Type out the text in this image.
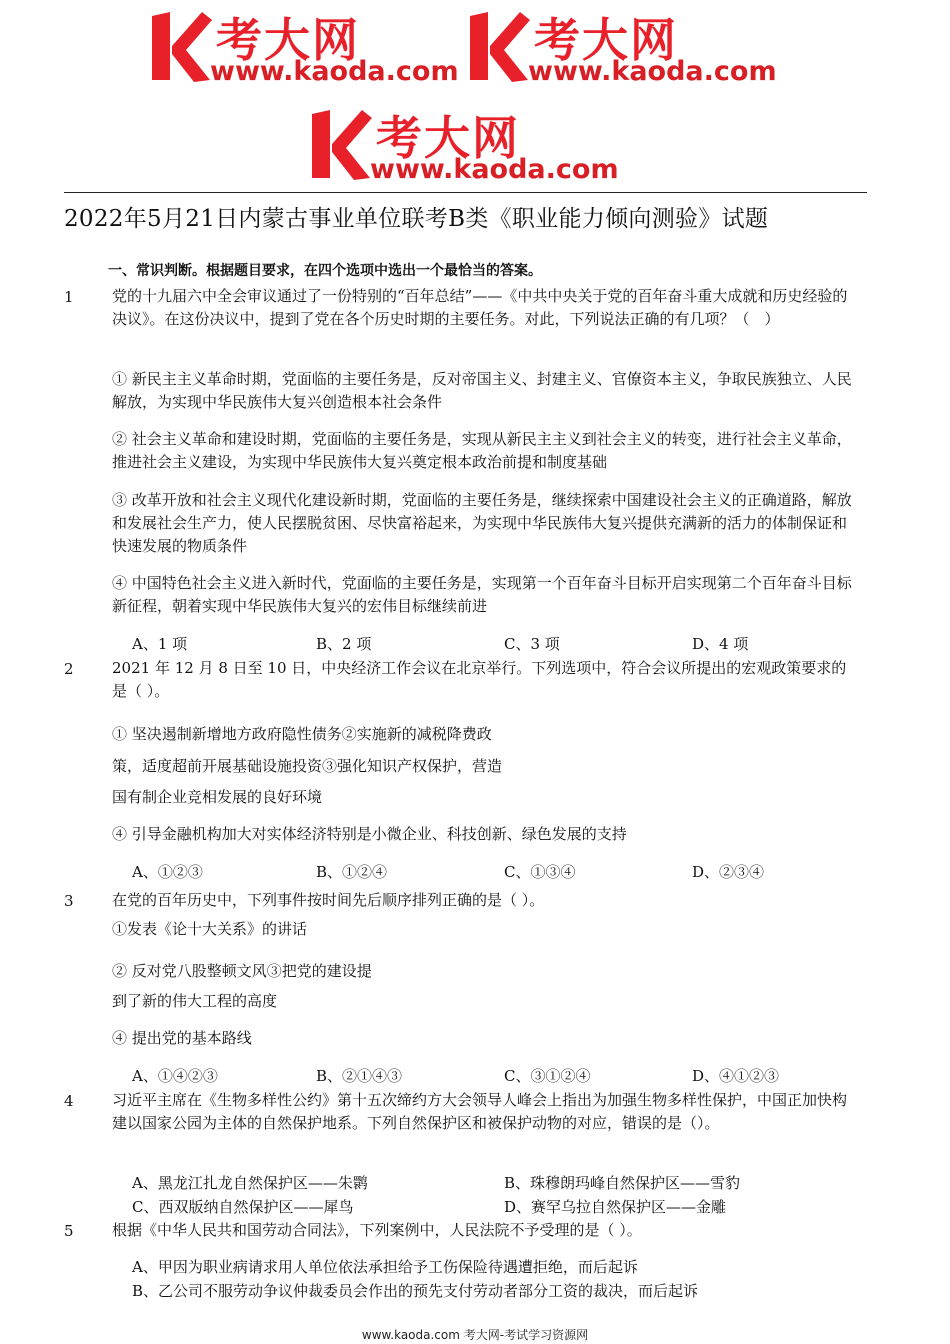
考大网
www.kaoda.com
考大网
www.kaoda.com
考大网
www.kaoda.com
2022年5月21日内蒙古事业单位联考B类《职业能力倾向测验》试题
一、常识判断。根据题目要求，在四个选项中选出一个最恰当的答案。
1	党的十九届六中全会审议通过了一份特别的“百年总结”——《中共中央关于党的百年奋斗重大成就和历史经验的决议》。在这份决议中，提到了党在各个历史时期的主要任务。对此，下列说法正确的有几项？（　）
① 新民主主义革命时期，党面临的主要任务是，反对帝国主义、封建主义、官僚资本主义，争取民族独立、人民解放，为实现中华民族伟大复兴创造根本社会条件
② 社会主义革命和建设时期，党面临的主要任务是，实现从新民主主义到社会主义的转变，进行社会主义革命，推进社会主义建设，为实现中华民族伟大复兴奠定根本政治前提和制度基础
③ 改革开放和社会主义现代化建设新时期，党面临的主要任务是，继续探索中国建设社会主义的正确道路，解放和发展社会生产力，使人民摆脱贫困、尽快富裕起来，为实现中华民族伟大复兴提供充满新的活力的体制保证和快速发展的物质条件
④ 中国特色社会主义进入新时代，党面临的主要任务是，实现第一个百年奋斗目标开启实现第二个百年奋斗目标新征程，朝着实现中华民族伟大复兴的宏伟目标继续前进
A、1 项	B、2 项	C、3 项	D、4 项
2	2021 年 12 月 8 日至 10 日，中央经济工作会议在北京举行。下列选项中，符合会议所提出的宏观政策要求的是（ ）。
① 坚决遏制新增地方政府隐性债务②实施新的减税降费政
策，适度超前开展基础设施投资③强化知识产权保护，营造
国有制企业竞相发展的良好环境
④ 引导金融机构加大对实体经济特别是小微企业、科技创新、绿色发展的支持
A、①②③	B、①②④	C、①③④	D、②③④
3	在党的百年历史中，下列事件按时间先后顺序排列正确的是（ ）。
①发表《论十大关系》的讲话
② 反对党八股整顿文风③把党的建设提
到了新的伟大工程的高度
④ 提出党的基本路线
A、①④②③	B、②①④③	C、③①②④	D、④①②③
4	习近平主席在《生物多样性公约》第十五次缔约方大会领导人峰会上指出为加强生物多样性保护，中国正加快构建以国家公园为主体的自然保护地系。下列自然保护区和被保护动物的对应，错误的是（）。
A、黑龙江扎龙自然保护区——朱鹮	B、珠穆朗玛峰自然保护区——雪豹
C、西双版纳自然保护区——犀鸟	D、赛罕乌拉自然保护区——金雕
5	根据《中华人民共和国劳动合同法》，下列案例中，人民法院不予受理的是（ ）。
A、甲因为职业病请求用人单位依法承担给予工伤保险待遇遭拒绝，而后起诉
B、乙公司不服劳动争议仲裁委员会作出的预先支付劳动者部分工资的裁决，而后起诉
www.kaoda.com 考大网-考试学习资源网
